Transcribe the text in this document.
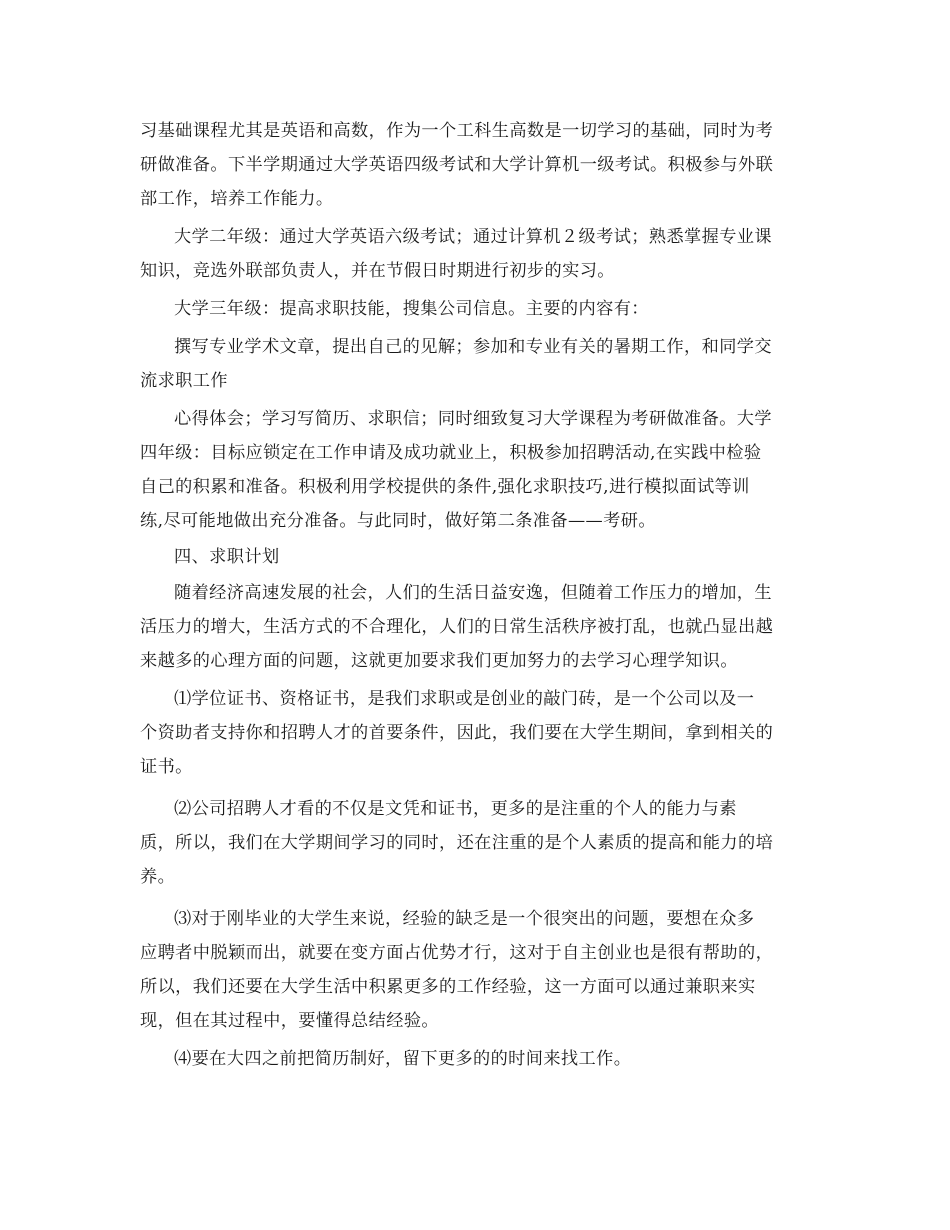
习基础课程尤其是英语和高数，作为一个工科生高数是一切学习的基础，同时为考
研做准备。下半学期通过大学英语四级考试和大学计算机一级考试。积极参与外联
部工作，培养工作能力。
大学二年级：通过大学英语六级考试；通过计算机２级考试；熟悉掌握专业课
知识，竞选外联部负责人，并在节假日时期进行初步的实习。
大学三年级：提高求职技能，搜集公司信息。主要的内容有：
撰写专业学术文章，提出自己的见解；参加和专业有关的暑期工作，和同学交
流求职工作
心得体会；学习写简历、求职信；同时细致复习大学课程为考研做准备。大学
四年级：目标应锁定在工作申请及成功就业上，积极参加招聘活动,在实践中检验
自己的积累和准备。积极利用学校提供的条件,强化求职技巧,进行模拟面试等训
练,尽可能地做出充分准备。与此同时，做好第二条准备——考研。
四、求职计划
随着经济高速发展的社会，人们的生活日益安逸，但随着工作压力的增加，生
活压力的增大，生活方式的不合理化，人们的日常生活秩序被打乱，也就凸显出越
来越多的心理方面的问题，这就更加要求我们更加努力的去学习心理学知识。
⑴学位证书、资格证书，是我们求职或是创业的敲门砖，是一个公司以及一
个资助者支持你和招聘人才的首要条件，因此，我们要在大学生期间，拿到相关的
证书。
⑵公司招聘人才看的不仅是文凭和证书，更多的是注重的个人的能力与素
质，所以，我们在大学期间学习的同时，还在注重的是个人素质的提高和能力的培
养。
⑶对于刚毕业的大学生来说，经验的缺乏是一个很突出的问题，要想在众多
应聘者中脱颖而出，就要在变方面占优势才行，这对于自主创业也是很有帮助的，
所以，我们还要在大学生活中积累更多的工作经验，这一方面可以通过兼职来实
现，但在其过程中，要懂得总结经验。
⑷要在大四之前把简历制好，留下更多的的时间来找工作。
